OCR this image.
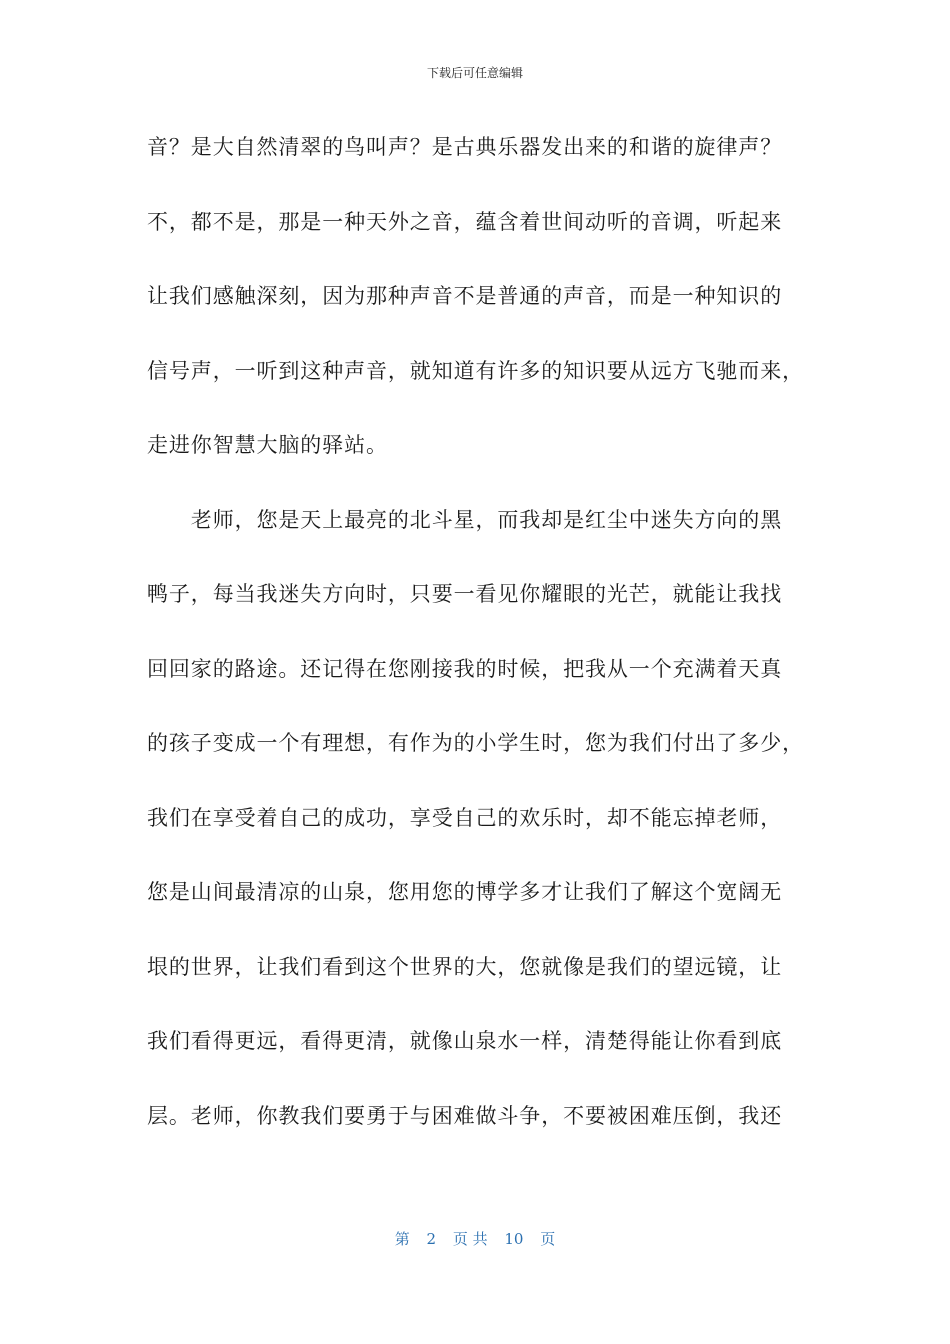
下载后可任意编辑
音？是大自然清翠的鸟叫声？是古典乐器发出来的和谐的旋律声？
不，都不是，那是一种天外之音，蕴含着世间动听的音调，听起来
让我们感触深刻，因为那种声音不是普通的声音，而是一种知识的
信号声，一听到这种声音，就知道有许多的知识要从远方飞驰而来，
走进你智慧大脑的驿站。
　　老师，您是天上最亮的北斗星，而我却是红尘中迷失方向的黑
鸭子，每当我迷失方向时，只要一看见你耀眼的光芒，就能让我找
回回家的路途。还记得在您刚接我的时候，把我从一个充满着天真
的孩子变成一个有理想，有作为的小学生时，您为我们付出了多少，
我们在享受着自己的成功，享受自己的欢乐时，却不能忘掉老师，
您是山间最清凉的山泉，您用您的博学多才让我们了解这个宽阔无
垠的世界，让我们看到这个世界的大，您就像是我们的望远镜，让
我们看得更远，看得更清，就像山泉水一样，清楚得能让你看到底
层。老师，你教我们要勇于与困难做斗争，不要被困难压倒，我还
第 2 页 共 10 页
